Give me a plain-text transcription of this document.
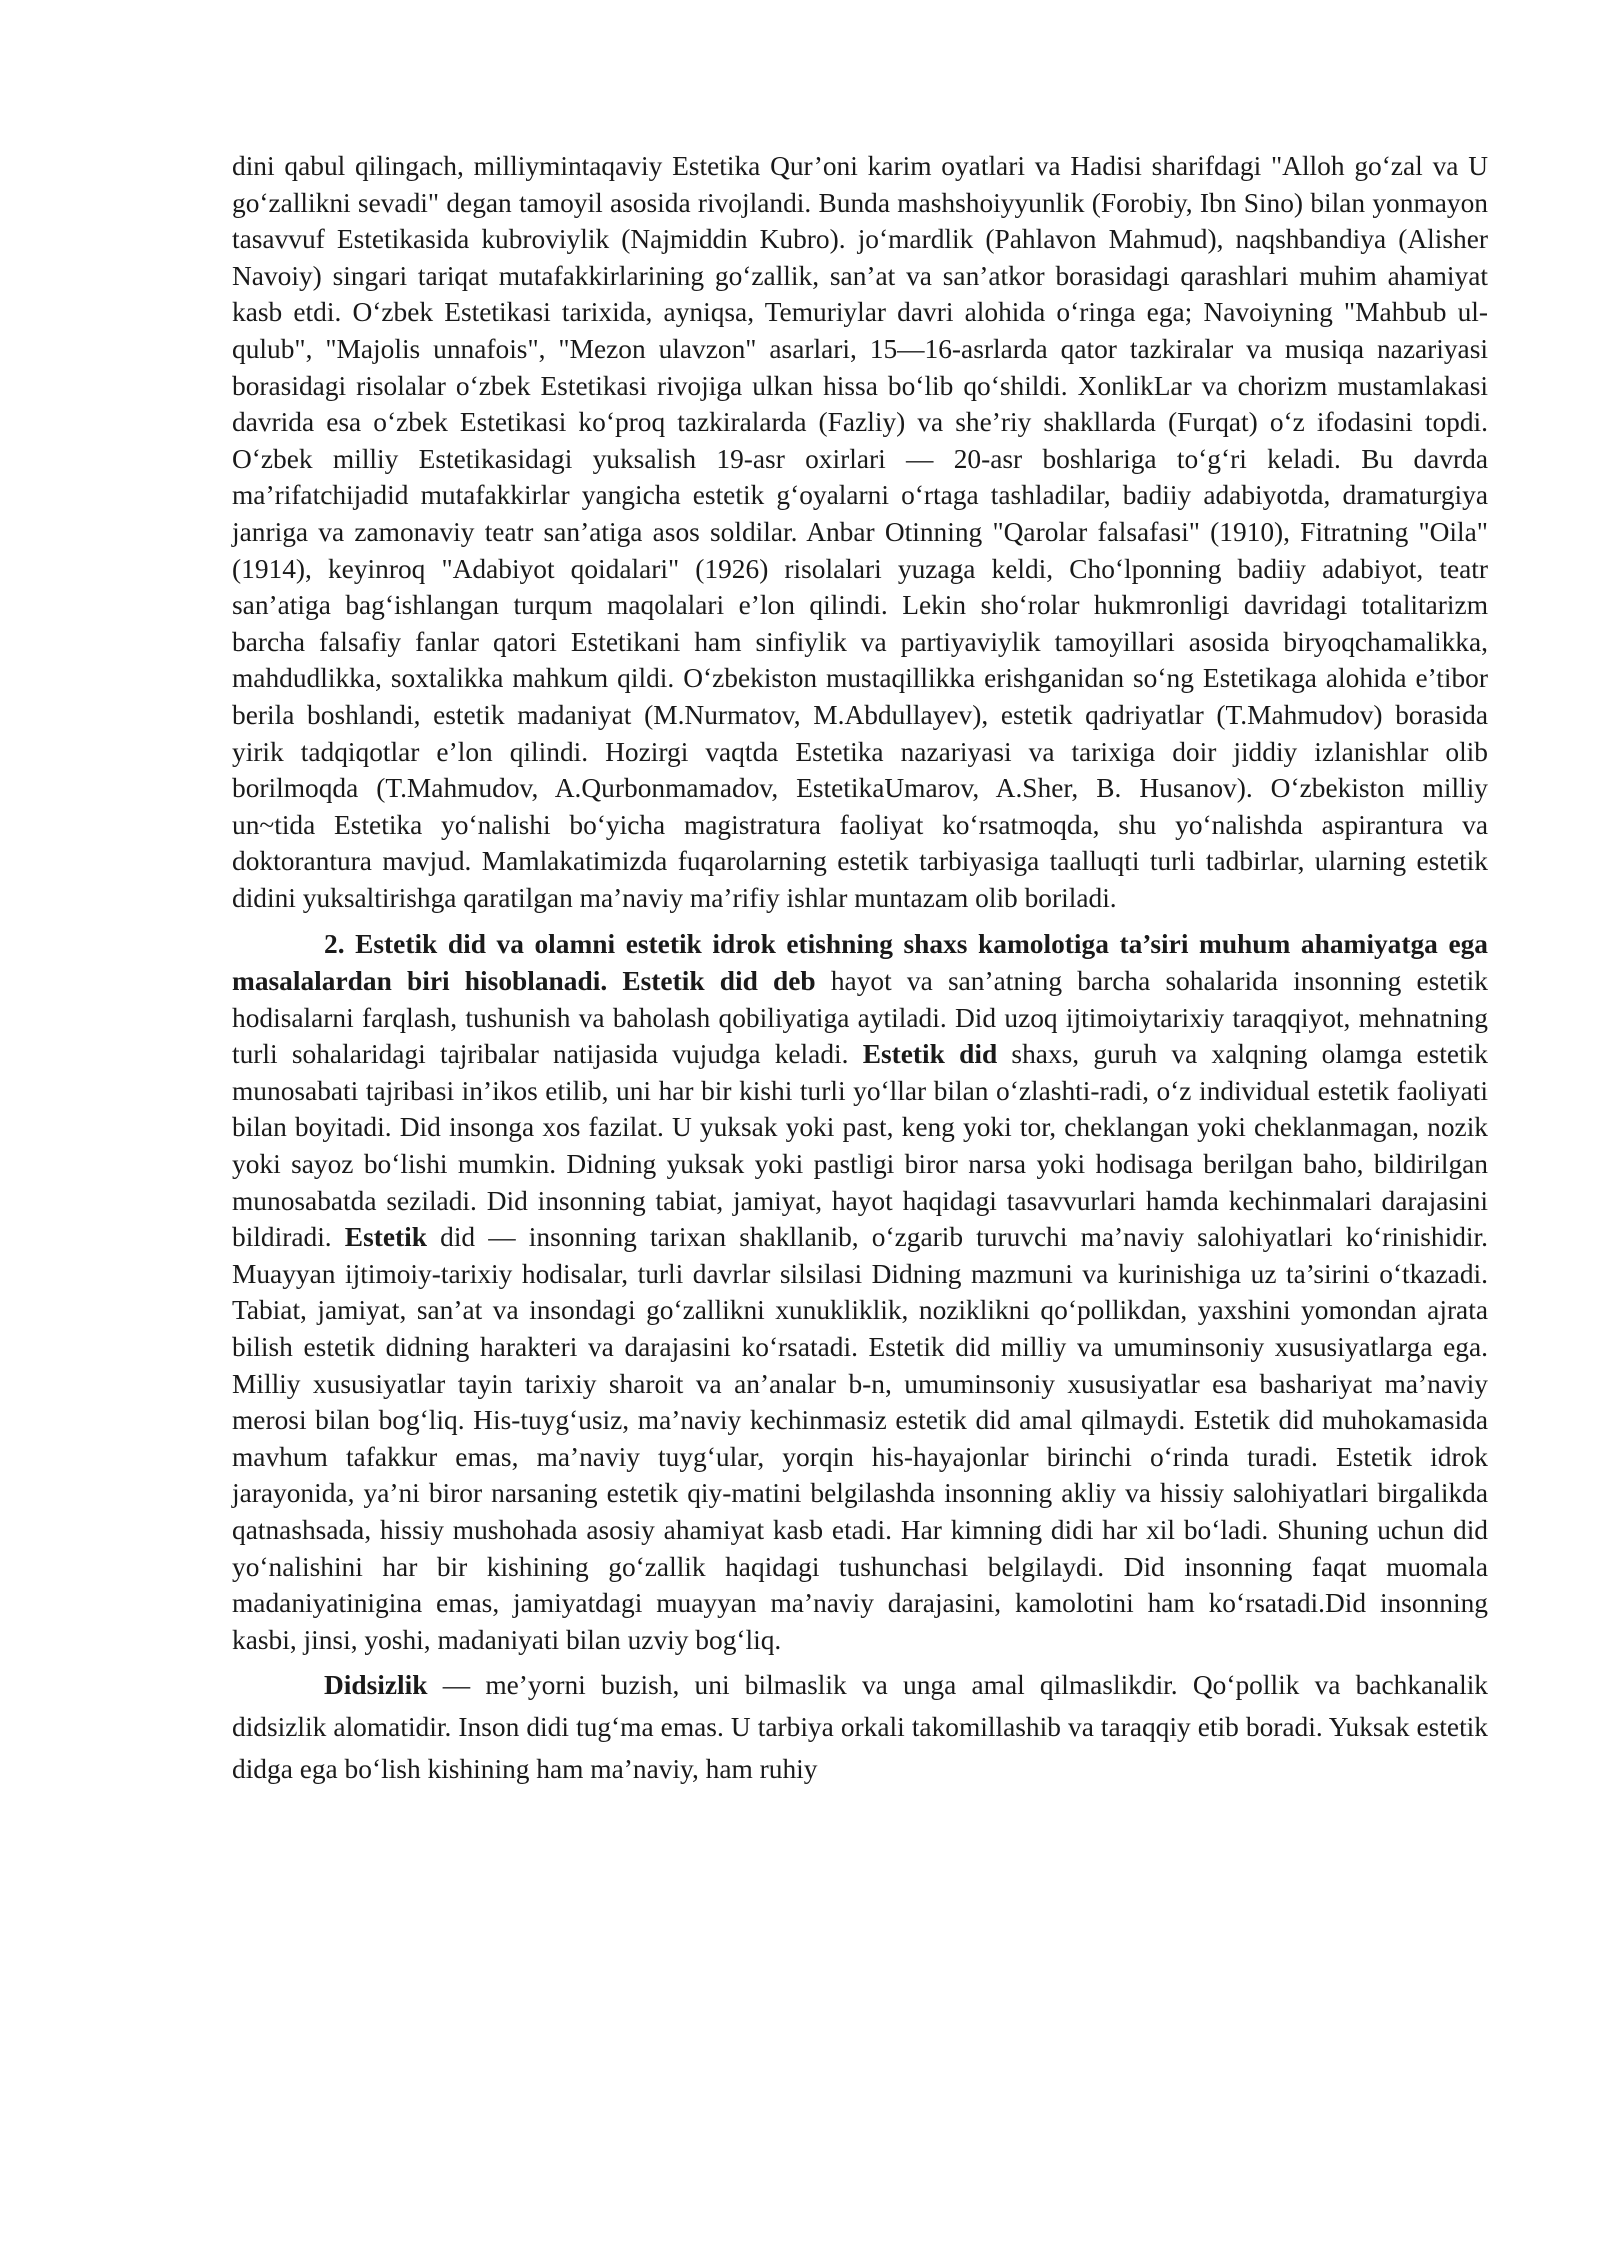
dini qabul qilingach, milliymintaqaviy Estetika Qur’oni karim oyatlari va Hadisi sharifdagi "Alloh go‘zal va U go‘zallikni sevadi" degan tamoyil asosida rivojlandi. Bunda mashshoiyyunlik (Forobiy, Ibn Sino) bilan yonmayon tasavvuf Estetikasida kubroviylik (Najmiddin Kubro). jo‘mardlik (Pahlavon Mahmud), naqshbandiya (Alisher Navoiy) singari tariqat mutafakkirlarining go‘zallik, san’at va san’atkor borasidagi qarashlari muhim ahamiyat kasb etdi. O‘zbek Estetikasi tarixida, ayniqsa, Temuriylar davri alohida o‘ringa ega; Navoiyning "Mahbub ul-qulub", "Majolis unnafois", "Mezon ulavzon" asarlari, 15—16-asrlarda qator tazkiralar va musiqa nazariyasi borasidagi risolalar o‘zbek Estetikasi rivojiga ulkan hissa bo‘lib qo‘shildi. XonlikLar va chorizm mustamlakasi davrida esa o‘zbek Estetikasi ko‘proq tazkiralarda (Fazliy) va she’riy shakllarda (Furqat) o‘z ifodasini topdi. O‘zbek milliy Estetikasidagi yuksalish 19-asr oxirlari — 20-asr boshlariga to‘g‘ri keladi. Bu davrda ma’rifatchijadid mutafakkirlar yangicha estetik g‘oyalarni o‘rtaga tashladilar, badiiy adabiyotda, dramaturgiya janriga va zamonaviy teatr san’atiga asos soldilar. Anbar Otinning "Qarolar falsafasi" (1910), Fitratning "Oila" (1914), keyinroq "Adabiyot qoidalari" (1926) risolalari yuzaga keldi, Cho‘lponning badiiy adabiyot, teatr san’atiga bag‘ishlangan turqum maqolalari e’lon qilindi. Lekin sho‘rolar hukmronligi davridagi totalitarizm barcha falsafiy fanlar qatori Estetikani ham sinfiylik va partiyaviylik tamoyillari asosida biryoqchamalikka, mahdudlikka, soxtalikka mahkum qildi. O‘zbekiston mustaqillikka erishganidan so‘ng Estetikaga alohida e’tibor berila boshlandi, estetik madaniyat (M.Nurmatov, M.Abdullayev), estetik qadriyatlar (T.Mahmudov) borasida yirik tadqiqotlar e’lon qilindi. Hozirgi vaqtda Estetika nazariyasi va tarixiga doir jiddiy izlanishlar olib borilmoqda (T.Mahmudov, A.Qurbonmamadov, EstetikaUmarov, A.Sher, B. Husanov). O‘zbekiston milliy un~tida Estetika yo‘nalishi bo‘yicha magistratura faoliyat ko‘rsatmoqda, shu yo‘nalishda aspirantura va doktorantura mavjud. Mamlakatimizda fuqarolarning estetik tarbiyasiga taalluqti turli tadbirlar, ularning estetik didini yuksaltirishga qaratilgan ma’naviy ma’rifiy ishlar muntazam olib boriladi.

2. Estetik did va olamni estetik idrok etishning shaxs kamolotiga ta’siri muhum ahamiyatga ega masalalardan biri hisoblanadi. Estetik did deb hayot va san’atning barcha sohalarida insonning estetik hodisalarni farqlash, tushunish va baholash qobiliyatiga aytiladi. Did uzoq ijtimoiytarixiy taraqqiyot, mehnatning turli sohalaridagi tajribalar natijasida vujudga keladi. Estetik did shaxs, guruh va xalqning olamga estetik munosabati tajribasi in’ikos etilib, uni har bir kishi turli yo‘llar bilan o‘zlashti-radi, o‘z individual estetik faoliyati bilan boyitadi. Did insonga xos fazilat. U yuksak yoki past, keng yoki tor, cheklangan yoki cheklanmagan, nozik yoki sayoz bo‘lishi mumkin. Didning yuksak yoki pastligi biror narsa yoki hodisaga berilgan baho, bildirilgan munosabatda seziladi. Did insonning tabiat, jamiyat, hayot haqidagi tasavvurlari hamda kechinmalari darajasini bildiradi. Estetik did — insonning tarixan shakllanib, o‘zgarib turuvchi ma’naviy salohiyatlari ko‘rinishidir. Muayyan ijtimoiy-tarixiy hodisalar, turli davrlar silsilasi Didning mazmuni va kurinishiga uz ta’sirini o‘tkazadi. Tabiat, jamiyat, san’at va insondagi go‘zallikni xunukliklik, noziklikni qo‘pollikdan, yaxshini yomondan ajrata bilish estetik didning harakteri va darajasini ko‘rsatadi. Estetik did milliy va umuminsoniy xususiyatlarga ega. Milliy xususiyatlar tayin tarixiy sharoit va an’analar b-n, umuminsoniy xususiyatlar esa bashariyat ma’naviy merosi bilan bog‘liq. His-tuyg‘usiz, ma’naviy kechinmasiz estetik did amal qilmaydi. Estetik did muhokamasida mavhum tafakkur emas, ma’naviy tuyg‘ular, yorqin his-hayajonlar birinchi o‘rinda turadi. Estetik idrok jarayonida, ya’ni biror narsaning estetik qiy-matini belgilashda insonning akliy va hissiy salohiyatlari birgalikda qatnashsada, hissiy mushohada asosiy ahamiyat kasb etadi. Har kimning didi har xil bo‘ladi. Shuning uchun did yo‘nalishini har bir kishining go‘zallik haqidagi tushunchasi belgilaydi. Did insonning faqat muomala madaniyatinigina emas, jamiyatdagi muayyan ma’naviy darajasini, kamolotini ham ko‘rsatadi.Did insonning kasbi, jinsi, yoshi, madaniyati bilan uzviy bog‘liq.

Didsizlik — me’yorni buzish, uni bilmaslik va unga amal qilmaslikdir. Qo‘pollik va bachkanalik didsizlik alomatidir. Inson didi tug‘ma emas. U tarbiya orkali takomillashib va taraqqiy etib boradi. Yuksak estetik didga ega bo‘lish kishining ham ma’naviy, ham ruhiy
